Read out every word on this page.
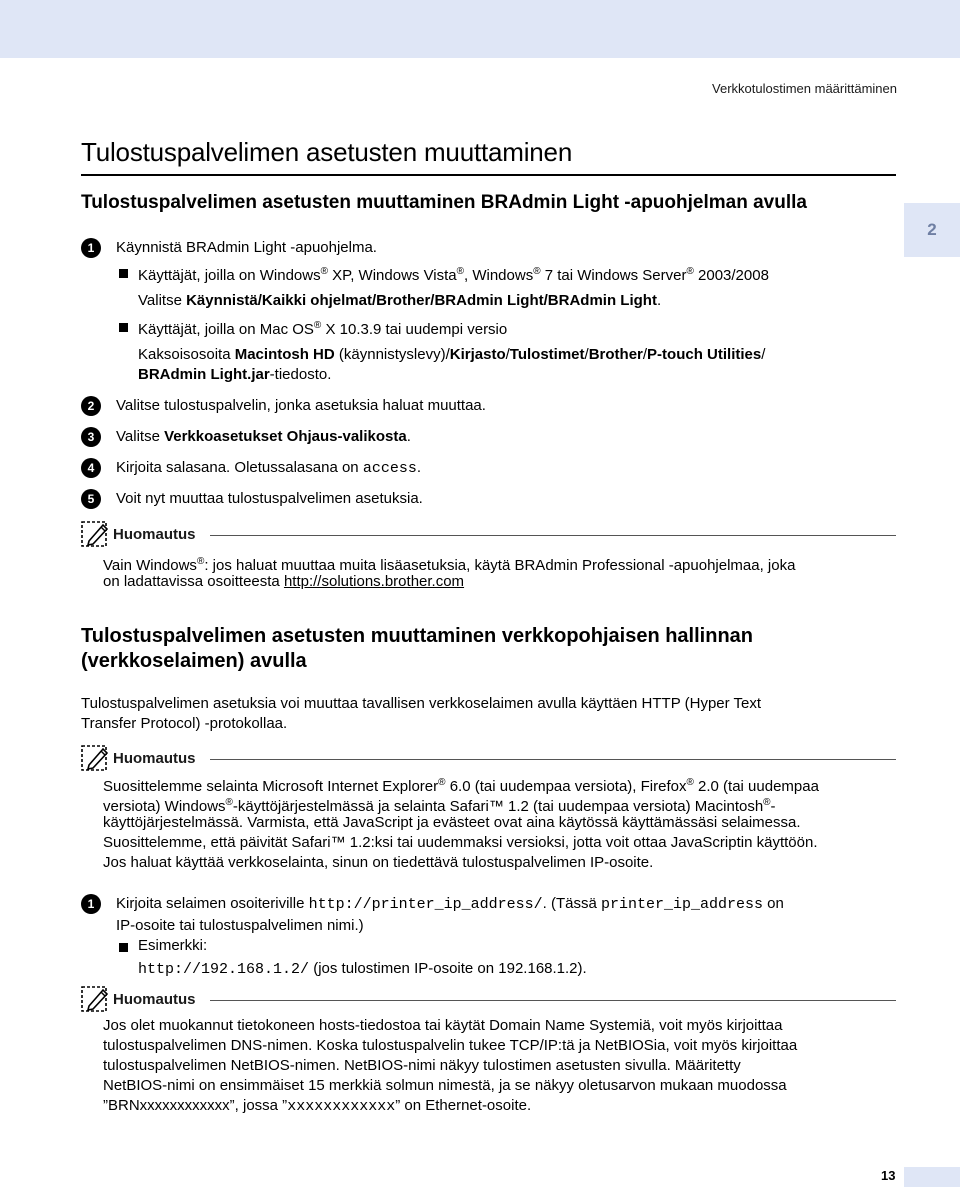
Verkkotulostimen määrittäminen
2
Tulostuspalvelimen asetusten muuttaminen
Tulostuspalvelimen asetusten muuttaminen BRAdmin Light -apuohjelman avulla
1	Käynnistä BRAdmin Light -apuohjelma.
Käyttäjät, joilla on Windows® XP, Windows Vista®, Windows® 7 tai Windows Server® 2003/2008
Valitse Käynnistä/Kaikki ohjelmat/Brother/BRAdmin Light/BRAdmin Light.
Käyttäjät, joilla on Mac OS® X 10.3.9 tai uudempi versio
Kaksoisosoita Macintosh HD (käynnistyslevy)/Kirjasto/Tulostimet/Brother/P-touch Utilities/
BRAdmin Light.jar-tiedosto.
2	Valitse tulostuspalvelin, jonka asetuksia haluat muuttaa.
3	Valitse Verkkoasetukset Ohjaus-valikosta.
4	Kirjoita salasana. Oletussalasana on access.
5	Voit nyt muuttaa tulostuspalvelimen asetuksia.
Huomautus
Vain Windows®: jos haluat muuttaa muita lisäasetuksia, käytä BRAdmin Professional -apuohjelmaa, joka
on ladattavissa osoitteesta http://solutions.brother.com
Tulostuspalvelimen asetusten muuttaminen verkkopohjaisen hallinnan (verkkoselaimen) avulla
Tulostuspalvelimen asetuksia voi muuttaa tavallisen verkkoselaimen avulla käyttäen HTTP (Hyper Text
Transfer Protocol) -protokollaa.
Huomautus
Suosittelemme selainta Microsoft Internet Explorer® 6.0 (tai uudempaa versiota), Firefox® 2.0 (tai uudempaa
versiota) Windows®-käyttöjärjestelmässä ja selainta Safari™ 1.2 (tai uudempaa versiota) Macintosh®-
käyttöjärjestelmässä. Varmista, että JavaScript ja evästeet ovat aina käytössä käyttämässäsi selaimessa.
Suosittelemme, että päivität Safari™ 1.2:ksi tai uudemmaksi versioksi, jotta voit ottaa JavaScriptin käyttöön.
Jos haluat käyttää verkkoselainta, sinun on tiedettävä tulostuspalvelimen IP-osoite.
1	Kirjoita selaimen osoiteriville http://printer_ip_address/. (Tässä printer_ip_address on
IP-osoite tai tulostuspalvelimen nimi.)
Esimerkki:
http://192.168.1.2/ (jos tulostimen IP-osoite on 192.168.1.2).
Huomautus
Jos olet muokannut tietokoneen hosts-tiedostoa tai käytät Domain Name Systemiä, voit myös kirjoittaa
tulostuspalvelimen DNS-nimen. Koska tulostuspalvelin tukee TCP/IP:tä ja NetBIOSia, voit myös kirjoittaa
tulostuspalvelimen NetBIOS-nimen. NetBIOS-nimi näkyy tulostimen asetusten sivulla. Määritetty
NetBIOS-nimi on ensimmäiset 15 merkkiä solmun nimestä, ja se näkyy oletusarvon mukaan muodossa
”BRNxxxxxxxxxxxx”, jossa ”xxxxxxxxxxxx” on Ethernet-osoite.
13
